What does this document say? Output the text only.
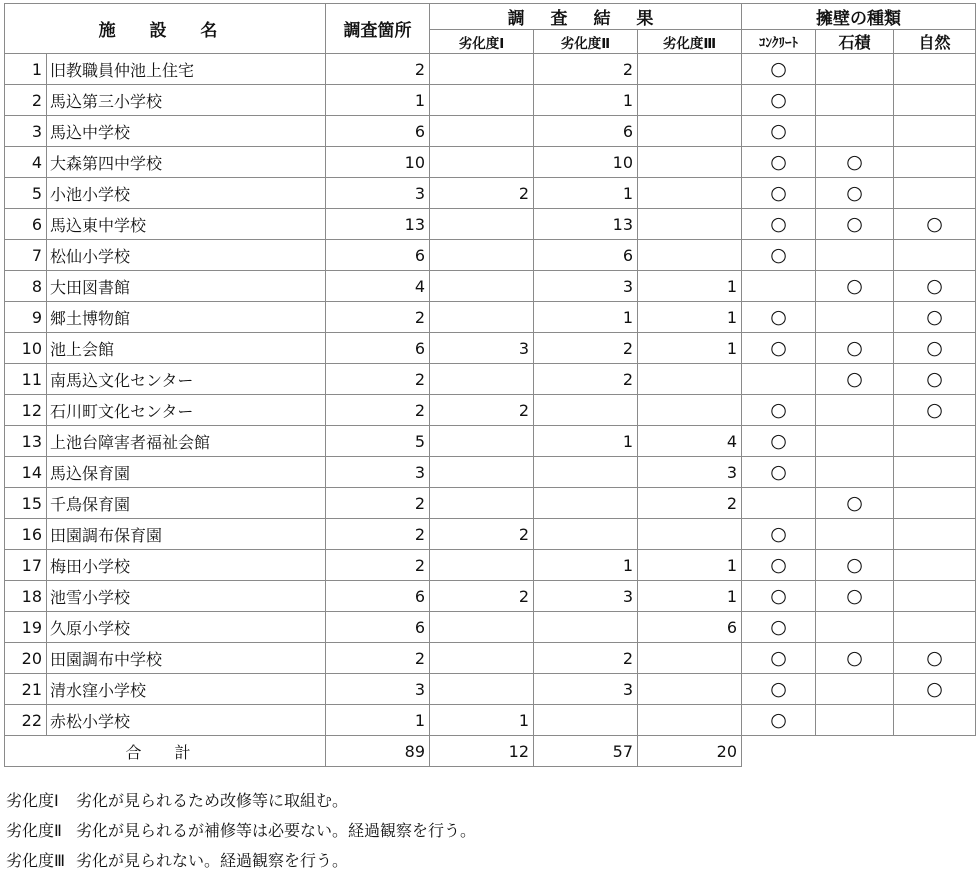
施 設 名		調査箇所	調 査 結 果			擁壁の種類		
			劣化度Ⅰ	劣化度Ⅱ	劣化度Ⅲ	ｺﾝｸﾘｰﾄ	石積	自然
1	旧教職員仲池上住宅	2		2		○		
2	馬込第三小学校	1		1		○		
3	馬込中学校	6		6		○		
4	大森第四中学校	10		10		○	○	
5	小池小学校	3	2	1		○	○	
6	馬込東中学校	13		13		○	○	○
7	松仙小学校	6		6		○		
8	大田図書館	4		3	1		○	○
9	郷土博物館	2		1	1	○		○
10	池上会館	6	3	2	1	○	○	○
11	南馬込文化センター	2		2			○	○
12	石川町文化センター	2	2			○		○
13	上池台障害者福祉会館	5		1	4	○		
14	馬込保育園	3			3	○		
15	千鳥保育園	2			2		○	
16	田園調布保育園	2	2			○		
17	梅田小学校	2		1	1	○	○	
18	池雪小学校	6	2	3	1	○	○	
19	久原小学校	6			6	○		
20	田園調布中学校	2		2		○	○	○
21	清水窪小学校	3		3		○		○
22	赤松小学校	1	1			○		
合 計		89	12	57	20			
劣化度Ⅰ 劣化が見られるため改修等に取組む。
劣化度Ⅱ 劣化が見られるが補修等は必要ない。経過観察を行う。
劣化度Ⅲ 劣化が見られない。経過観察を行う。
